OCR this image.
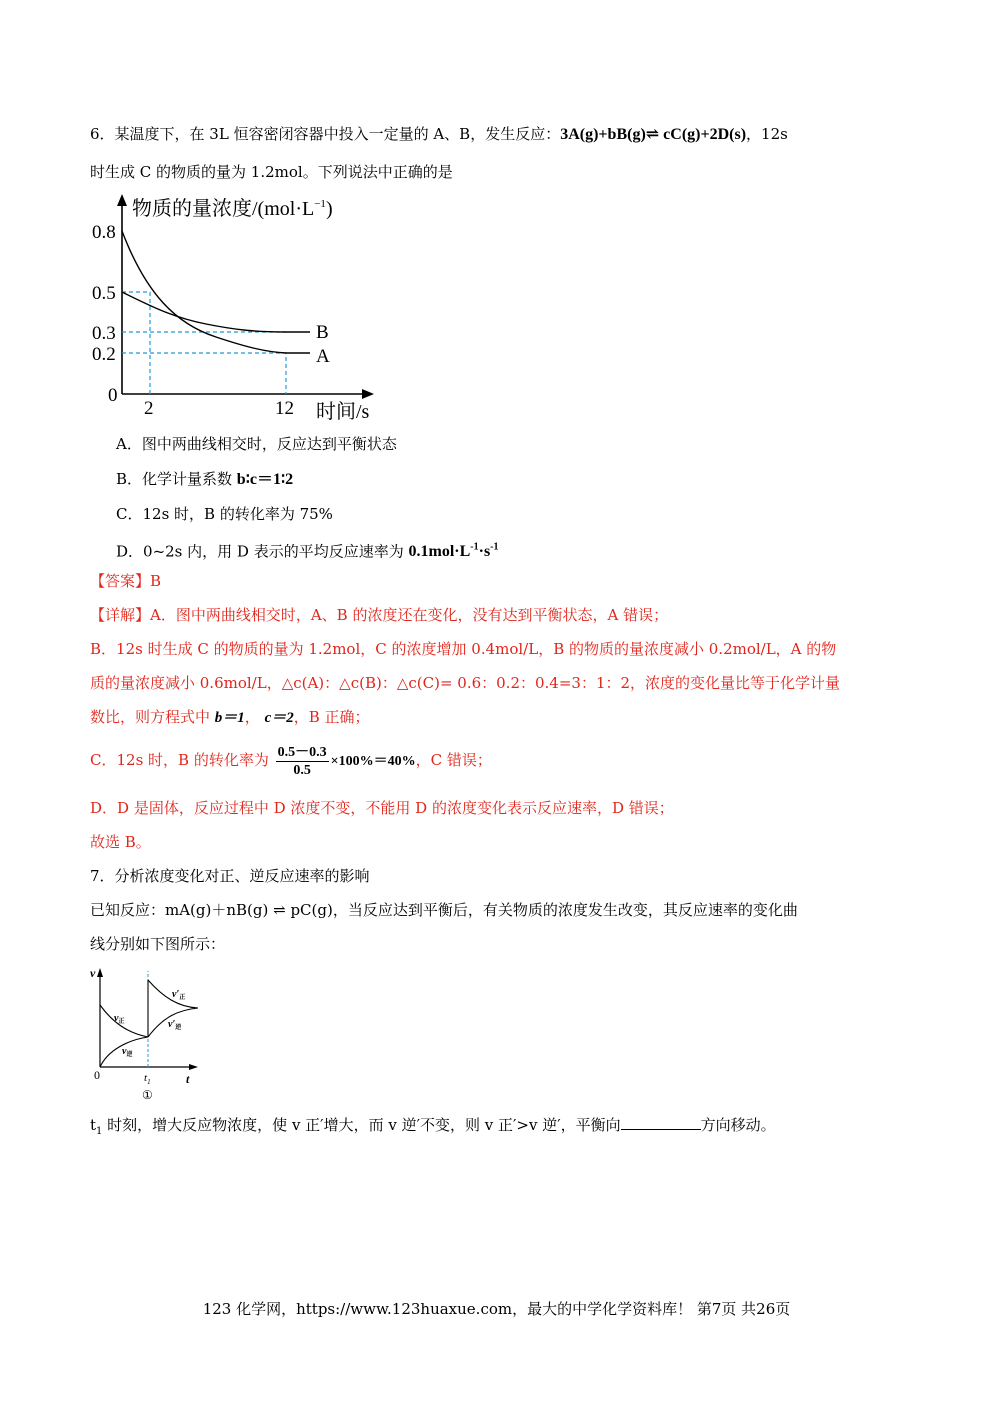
6．某温度下，在 3L 恒容密闭容器中投入一定量的 A、B，发生反应：3A(g)+bB(g)⇌ cC(g)+2D(s)，12s
时生成 C 的物质的量为 1.2mol。下列说法中正确的是
物质的量浓度$/(mol\cdot L^{-1})$
0.8
0.5
0.3
0.2
0
2	12 时间/s
B
A
A．图中两曲线相交时，反应达到平衡状态
B．化学计量系数 b∶c＝1∶2
C．12s 时，B 的转化率为 75%
D．0~2s 内，用 D 表示的平均反应速率为 $0.1mol\cdot L^{-1}\cdot s^{-1}$
【答案】B
【详解】A．图中两曲线相交时，A、B 的浓度还在变化，没有达到平衡状态，A 错误；
B．12s 时生成 C 的物质的量为 1.2mol，C 的浓度增加 0.4mol/L，B 的物质的量浓度减小 0.2mol/L，A 的物
质的量浓度减小 0.6mol/L，△c(A)：△c(B)：△c(C)= 0.6：0.2：0.4=3：1：2，浓度的变化量比等于化学计量
数比，则方程式中 b＝1， c＝2，B 正确；
C．12s 时，B 的转化率为 $\frac{0.5-0.3}{0.5} \times 100\%=40\%$，C 错误；
D．D 是固体，反应过程中 D 浓度不变，不能用 D 的浓度变化表示反应速率，D 错误；
故选 B。
7．分析浓度变化对正、逆反应速率的影响
已知反应：mA(g)＋nB(g) ⇌ pC(g)，当反应达到平衡后，有关物质的浓度发生改变，其反应速率的变化曲
线分别如下图所示：
v
t
0	$t_1$
①
$v_正$
$v_逆$
$v'_正$
$v'_逆$
$t_1$ 时刻，增大反应物浓度，使 v 正′增大，而 v 逆′不变，则 v 正′>v 逆′，平衡向	方向移动。
123 化学网，https://www.123huaxue.com，最大的中学化学资料库！ 第7页 共26页
